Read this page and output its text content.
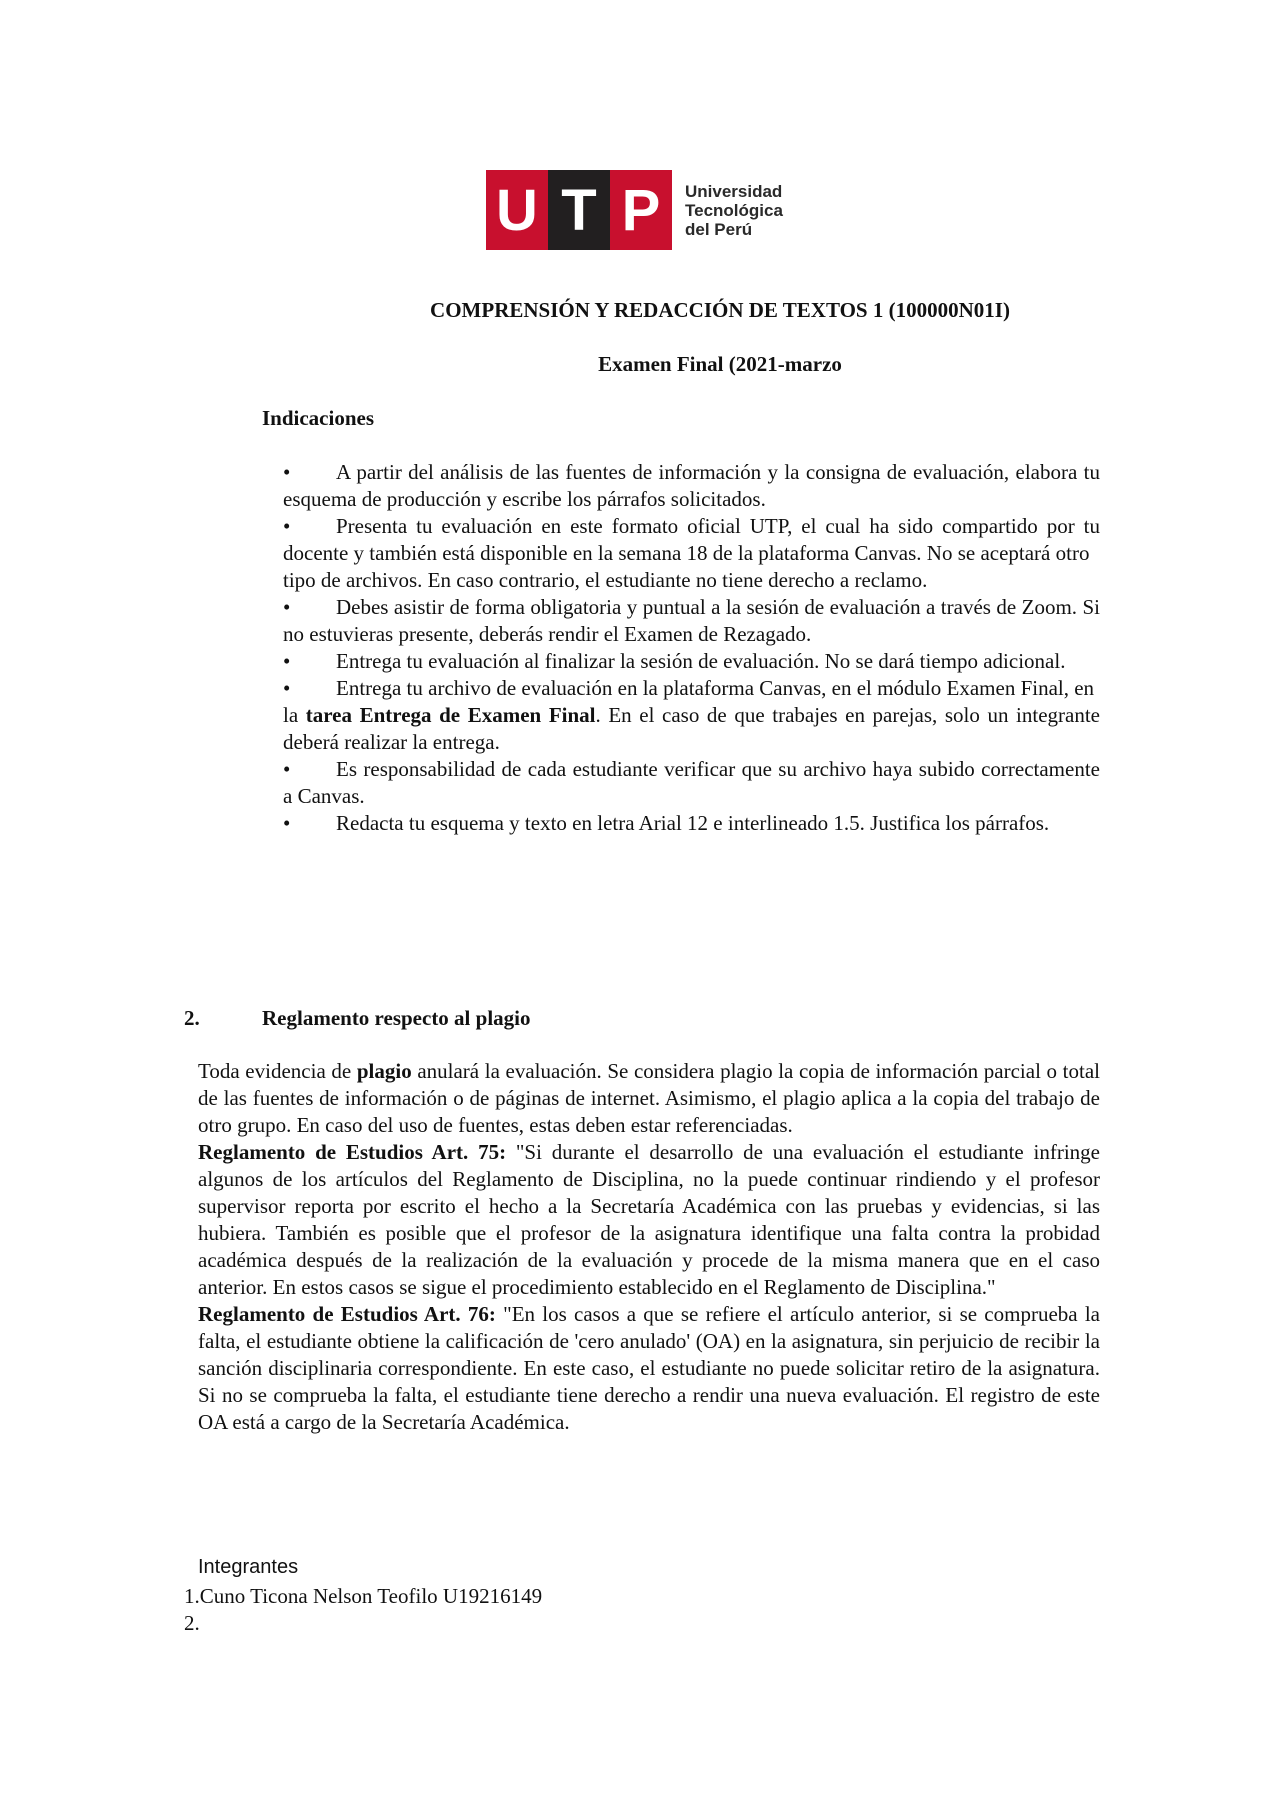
U T P	Universidad
Tecnológica
del Perú
COMPRENSIÓN Y REDACCIÓN DE TEXTOS 1 (100000N01I)
Examen Final (2021-marzo
Indicaciones

• A partir del análisis de las fuentes de información y la consigna de evaluación, elabora tu esquema de producción y escribe los párrafos solicitados.

• Presenta tu evaluación en este formato oficial UTP, el cual ha sido compartido por tu docente y también está disponible en la semana 18 de la plataforma Canvas. No se aceptará otro

tipo de archivos. En caso contrario, el estudiante no tiene derecho a reclamo.

• Debes asistir de forma obligatoria y puntual a la sesión de evaluación a través de Zoom. Si no estuvieras presente, deberás rendir el Examen de Rezagado.

• Entrega tu evaluación al finalizar la sesión de evaluación. No se dará tiempo adicional.

• Entrega tu archivo de evaluación en la plataforma Canvas, en el módulo Examen Final, en

la tarea Entrega de Examen Final. En el caso de que trabajes en parejas, solo un integrante deberá realizar la entrega.

• Es responsabilidad de cada estudiante verificar que su archivo haya subido correctamente a Canvas.

• Redacta tu esquema y texto en letra Arial 12 e interlineado 1.5. Justifica los párrafos.

2.	Reglamento respecto al plagio

Toda evidencia de plagio anulará la evaluación. Se considera plagio la copia de información parcial o total de las fuentes de información o de páginas de internet. Asimismo, el plagio aplica a la copia del trabajo de otro grupo. En caso del uso de fuentes, estas deben estar referenciadas.

Reglamento de Estudios Art. 75: "Si durante el desarrollo de una evaluación el estudiante infringe algunos de los artículos del Reglamento de Disciplina, no la puede continuar rindiendo y el profesor supervisor reporta por escrito el hecho a la Secretaría Académica con las pruebas y evidencias, si las hubiera. También es posible que el profesor de la asignatura identifique una falta contra la probidad académica después de la realización de la evaluación y procede de la misma manera que en el caso anterior. En estos casos se sigue el procedimiento establecido en el Reglamento de Disciplina."

Reglamento de Estudios Art. 76: "En los casos a que se refiere el artículo anterior, si se comprueba la falta, el estudiante obtiene la calificación de 'cero anulado' (OA) en la asignatura, sin perjuicio de recibir la sanción disciplinaria correspondiente. En este caso, el estudiante no puede solicitar retiro de la asignatura. Si no se comprueba la falta, el estudiante tiene derecho a rendir una nueva evaluación. El registro de este OA está a cargo de la Secretaría Académica.

Integrantes
1.Cuno Ticona Nelson Teofilo U19216149
2.
